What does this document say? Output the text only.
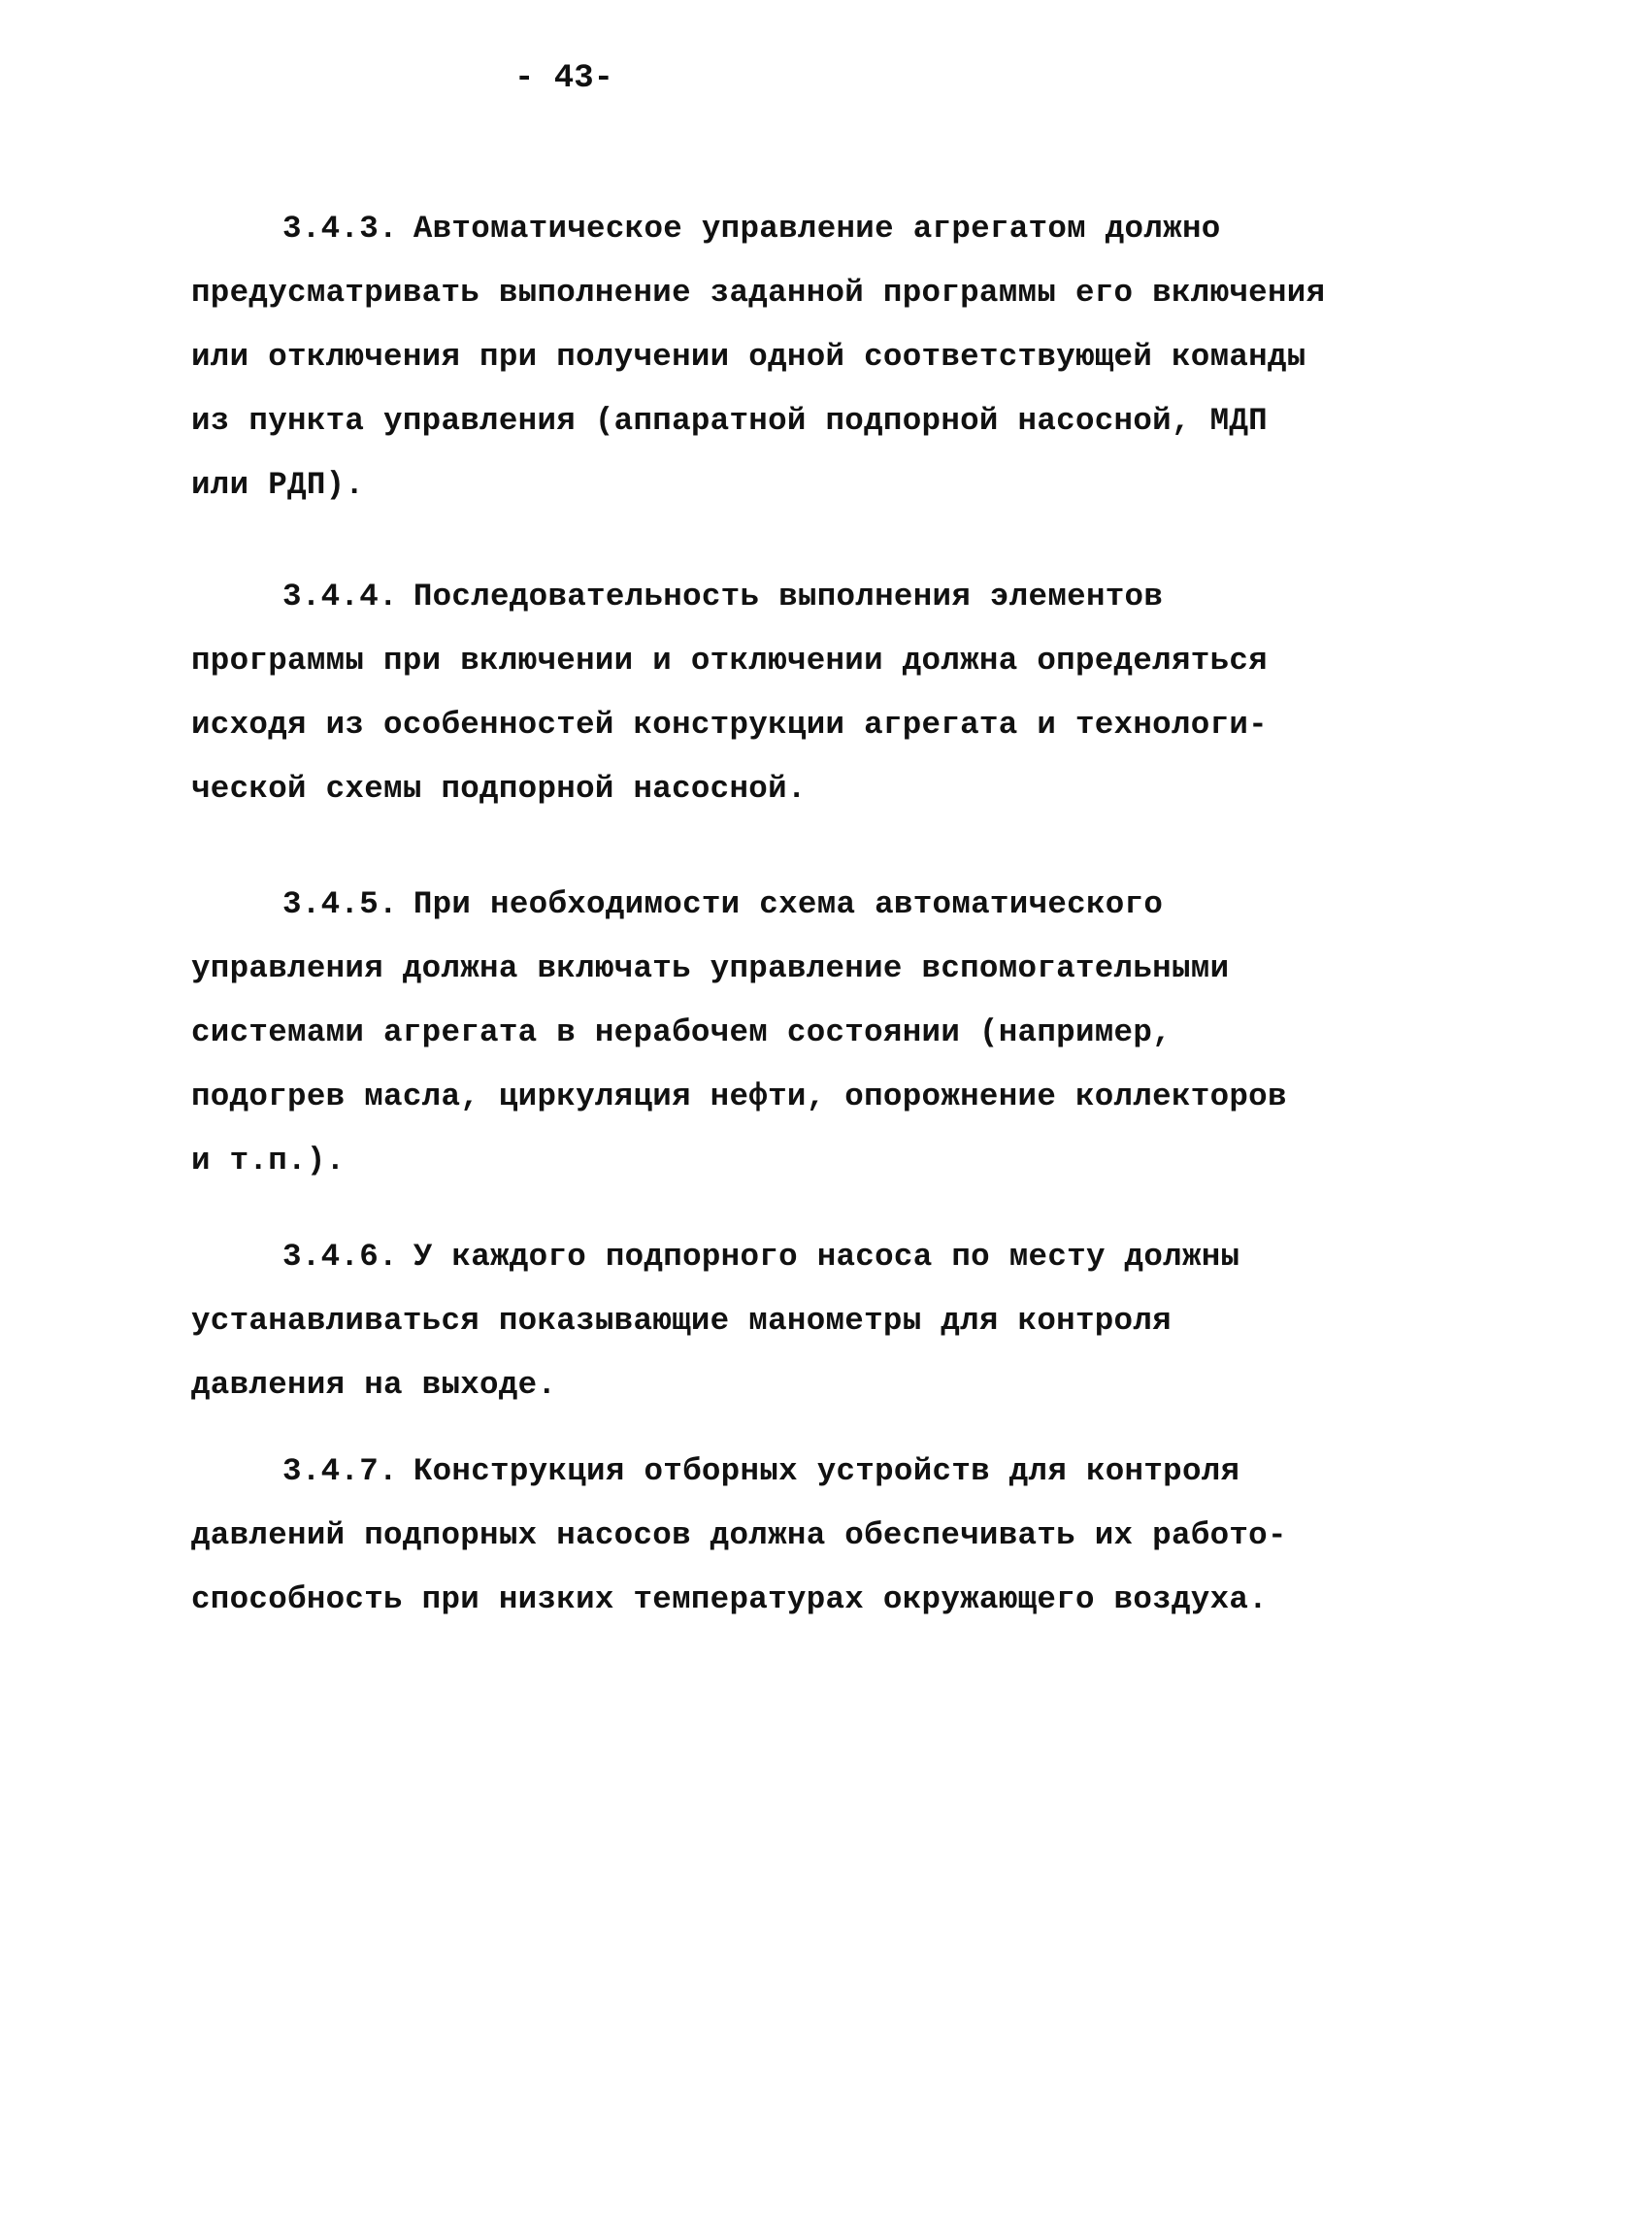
- 43-
3.4.3. Автоматическое управление агрегатом должно
предусматривать выполнение заданной программы его включения
или отключения при получении одной соответствующей команды
из пункта управления (аппаратной подпорной насосной, МДП
или РДП).
3.4.4. Последовательность выполнения элементов
программы при включении и отключении должна определяться
исходя из особенностей конструкции агрегата и технологи-
ческой схемы подпорной насосной.
3.4.5. При необходимости схема автоматического
управления должна включать управление вспомогательными
системами агрегата в нерабочем состоянии (например,
подогрев масла, циркуляция нефти, опорожнение коллекторов
и т.п.).
3.4.6. У каждого подпорного насоса по месту должны
устанавливаться показывающие манометры для контроля
давления на выходе.
3.4.7. Конструкция отборных устройств для контроля
давлений подпорных насосов должна обеспечивать их работо-
способность при низких температурах окружающего воздуха.
